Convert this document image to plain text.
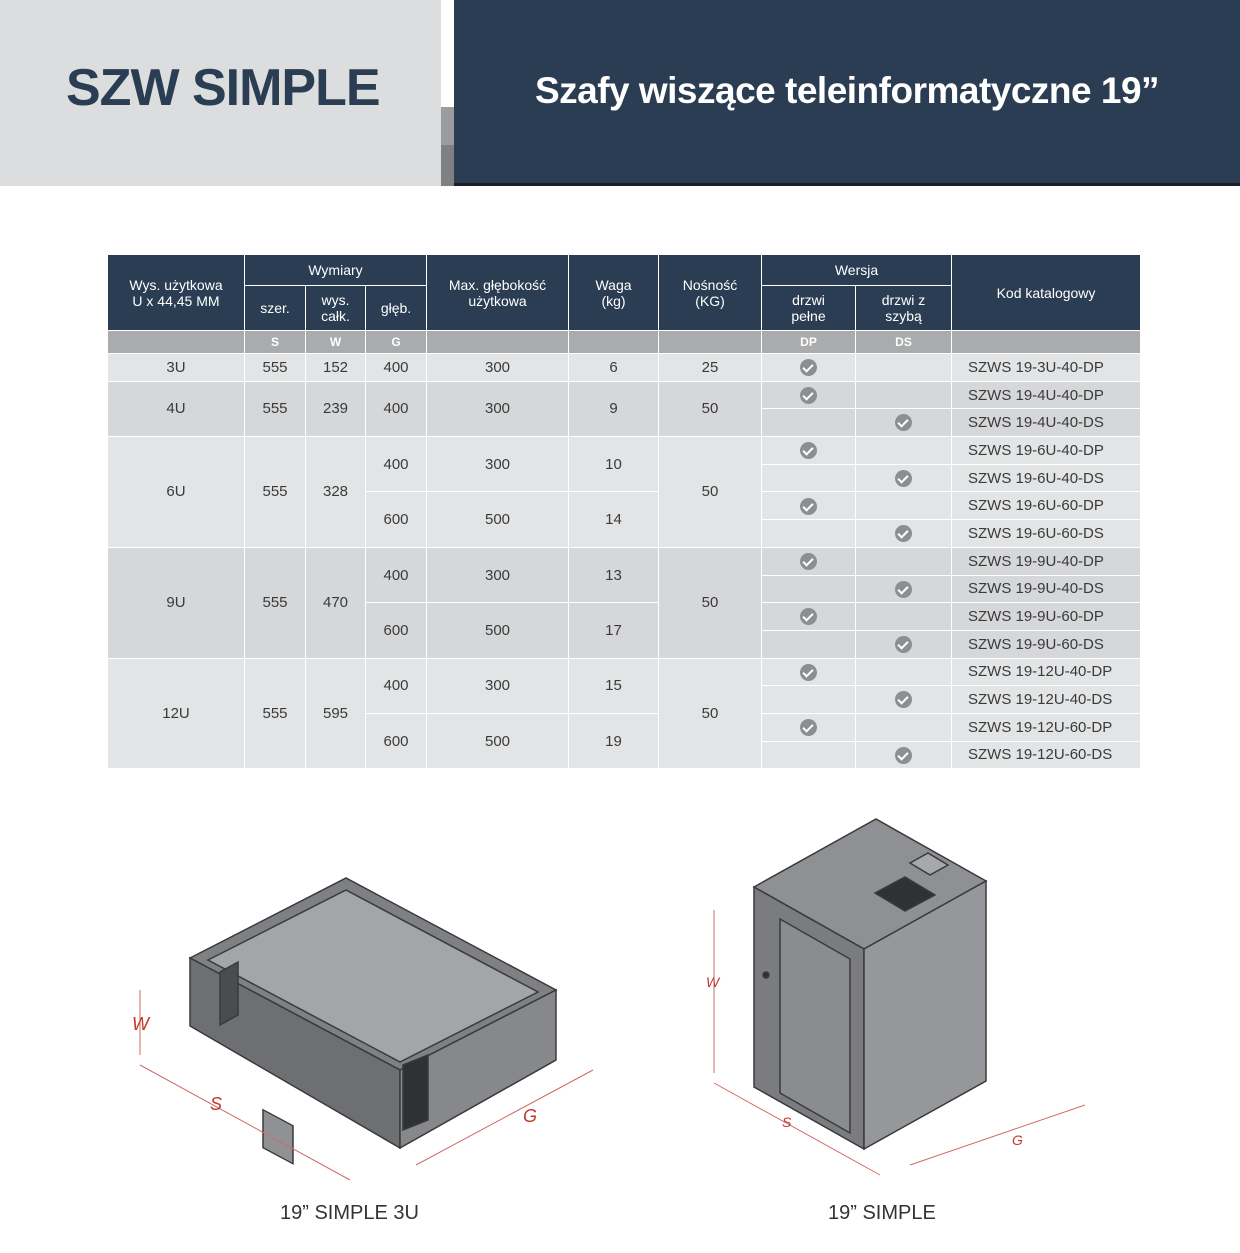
SZW SIMPLE	Szafy wiszące teleinformatyczne 19”
Wys. użytkowa U x 44,45 MM	Wymiary			Max. głębokość użytkowa	Waga (kg)	Nośność (KG)	Wersja		Kod katalogowy
	szer.	wys. całk.	głęb.				drzwi pełne	drzwi z szybą	
	S	W	G				DP	DS	
3U	555	152	400	300	6	25			SZWS 19-3U-40-DP
4U	555	239	400	300	9	50			SZWS 19-4U-40-DP
									SZWS 19-4U-40-DS
6U	555	328	400	300	10	50			SZWS 19-6U-40-DP
									SZWS 19-6U-40-DS
			600	500	14				SZWS 19-6U-60-DP
									SZWS 19-6U-60-DS
9U	555	470	400	300	13	50			SZWS 19-9U-40-DP
									SZWS 19-9U-40-DS
			600	500	17				SZWS 19-9U-60-DP
									SZWS 19-9U-60-DS
12U	555	595	400	300	15	50			SZWS 19-12U-40-DP
									SZWS 19-12U-40-DS
			600	500	19				SZWS 19-12U-60-DP
									SZWS 19-12U-60-DS
W
S
G
W
S
G
19” SIMPLE 3U	19” SIMPLE
